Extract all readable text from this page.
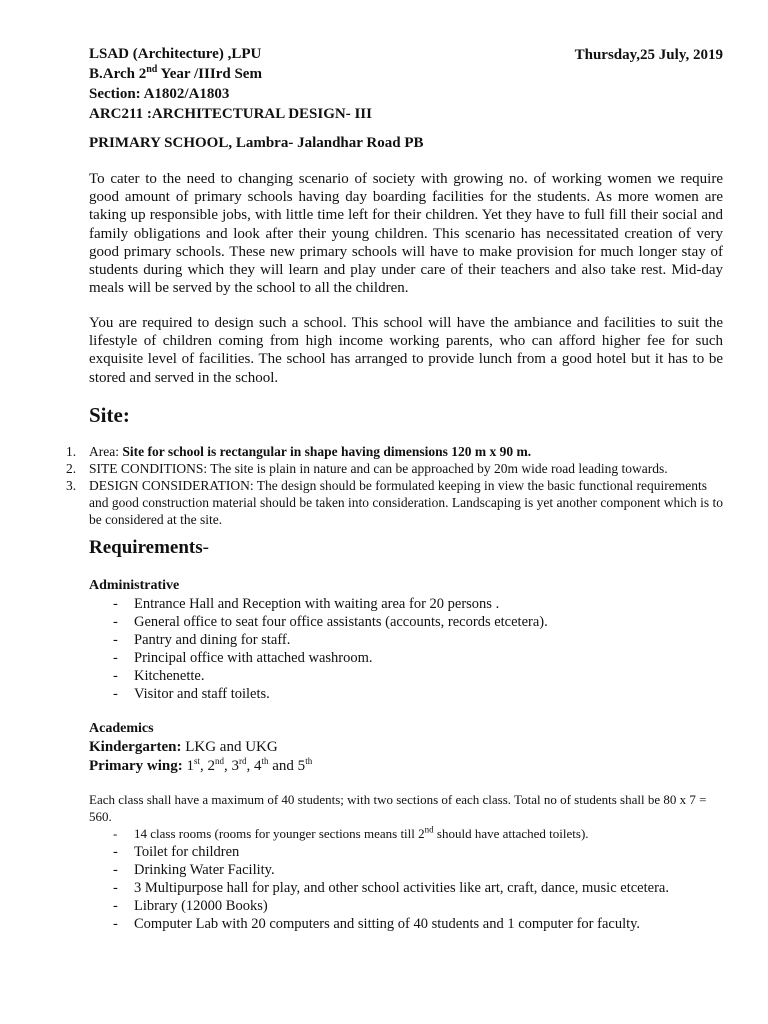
LSAD (Architecture) ,LPU	Thursday,25 July, 2019
B.Arch 2nd Year /IIIrd Sem
Section: A1802/A1803
ARC211 :ARCHITECTURAL DESIGN- III
PRIMARY SCHOOL, Lambra- Jalandhar Road PB
To cater to the need to changing scenario of society with growing no. of working women we require good amount of primary schools having day boarding facilities for the students. As more women are taking up responsible jobs, with little time left for their children. Yet they have to full fill their social and family obligations and look after their young children. This scenario has necessitated creation of very good primary schools. These new primary schools will have to make provision for much longer stay of students during which they will learn and play under care of their teachers and also take rest. Mid-day meals will be served by the school to all the children.
You are required to design such a school. This school will have the ambiance and facilities to suit the lifestyle of children coming from high income working parents, who can afford higher fee for such exquisite level of facilities. The school has arranged to provide lunch from a good hotel but it has to be stored and served in the school.
Site:
1. Area: Site for school is rectangular in shape having dimensions 120 m x 90 m.
2. SITE CONDITIONS: The site is plain in nature and can be approached by 20m wide road leading towards.
3. DESIGN CONSIDERATION: The design should be formulated keeping in view the basic functional requirements and good construction material should be taken into consideration. Landscaping is yet another component which is to be considered at the site.
Requirements-
Administrative
- Entrance Hall and Reception with waiting area for 20 persons .
- General office to seat four office assistants (accounts, records etcetera).
- Pantry and dining for staff.
- Principal office with attached washroom.
- Kitchenette.
- Visitor and staff toilets.
Academics
Kindergarten: LKG and UKG
Primary wing: 1st, 2nd, 3rd, 4th and 5th
Each class shall have a maximum of 40 students; with two sections of each class. Total no of students shall be 80 x 7 = 560.
- 14 class rooms (rooms for younger sections means till 2nd should have attached toilets).
- Toilet for children
- Drinking Water Facility.
- 3 Multipurpose hall for play, and other school activities like art, craft, dance, music etcetera.
- Library (12000 Books)
- Computer Lab with 20 computers and sitting of 40 students and 1 computer for faculty.
